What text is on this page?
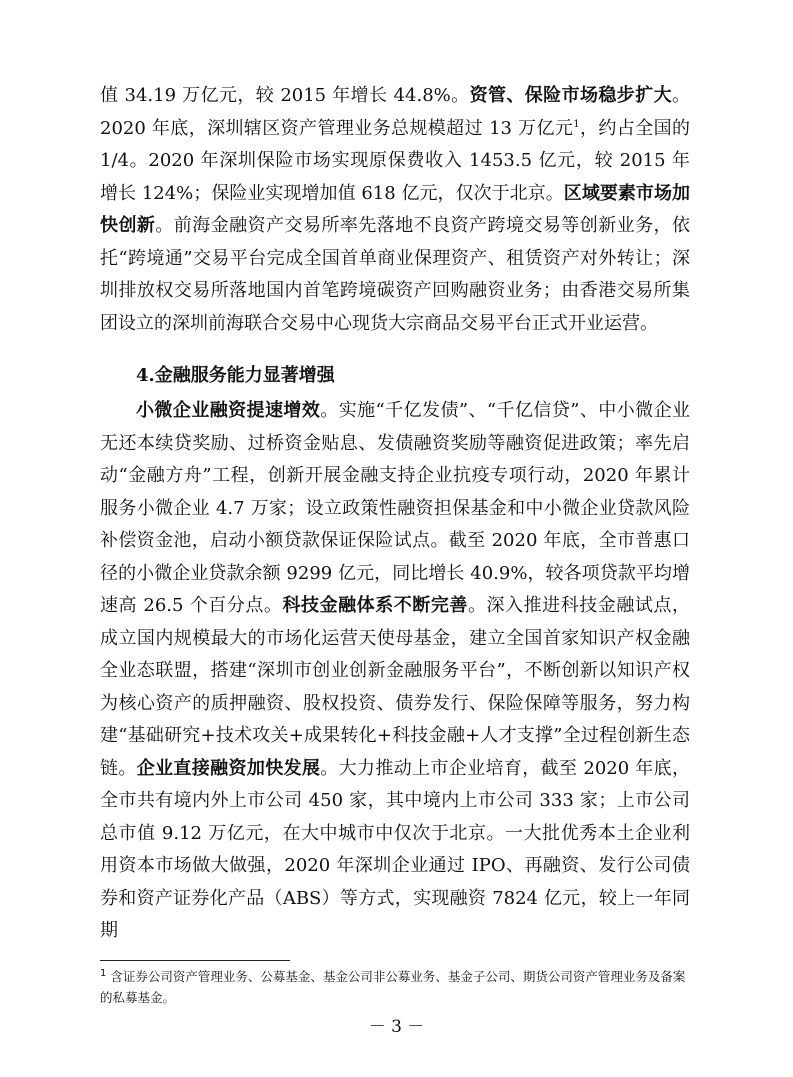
值 34.19 万亿元，较 2015 年增长 44.8%。资管、保险市场稳步扩大。2020 年底，深圳辖区资产管理业务总规模超过 13 万亿元$^1$，约占全国的 1/4。2020 年深圳保险市场实现原保费收入 1453.5 亿元，较 2015 年增长 124%；保险业实现增加值 618 亿元，仅次于北京。区域要素市场加快创新。前海金融资产交易所率先落地不良资产跨境交易等创新业务，依托“跨境通”交易平台完成全国首单商业保理资产、租赁资产对外转让；深圳排放权交易所落地国内首笔跨境碳资产回购融资业务；由香港交易所集团设立的深圳前海联合交易中心现货大宗商品交易平台正式开业运营。

4.金融服务能力显著增强

小微企业融资提速增效。实施“千亿发债”、“千亿信贷”、中小微企业无还本续贷奖励、过桥资金贴息、发债融资奖励等融资促进政策；率先启动“金融方舟”工程，创新开展金融支持企业抗疫专项行动，2020 年累计服务小微企业 4.7 万家；设立政策性融资担保基金和中小微企业贷款风险补偿资金池，启动小额贷款保证保险试点。截至 2020 年底，全市普惠口径的小微企业贷款余额 9299 亿元，同比增长 40.9%，较各项贷款平均增速高 26.5 个百分点。科技金融体系不断完善。深入推进科技金融试点，成立国内规模最大的市场化运营天使母基金，建立全国首家知识产权金融全业态联盟，搭建“深圳市创业创新金融服务平台”，不断创新以知识产权为核心资产的质押融资、股权投资、债券发行、保险保障等服务，努力构建“基础研究+技术攻关+成果转化+科技金融+人才支撑”全过程创新生态链。企业直接融资加快发展。大力推动上市企业培育，截至 2020 年底，全市共有境内外上市公司 450 家，其中境内上市公司 333 家；上市公司总市值 9.12 万亿元，在大中城市中仅次于北京。一大批优秀本土企业利用资本市场做大做强，2020 年深圳企业通过 IPO、再融资、发行公司债券和资产证券化产品（ABS）等方式，实现融资 7824 亿元，较上一年同期

$^1$ 含证券公司资产管理业务、公募基金、基金公司非公募业务、基金子公司、期货公司资产管理业务及备案的私募基金。

－ 3 －
